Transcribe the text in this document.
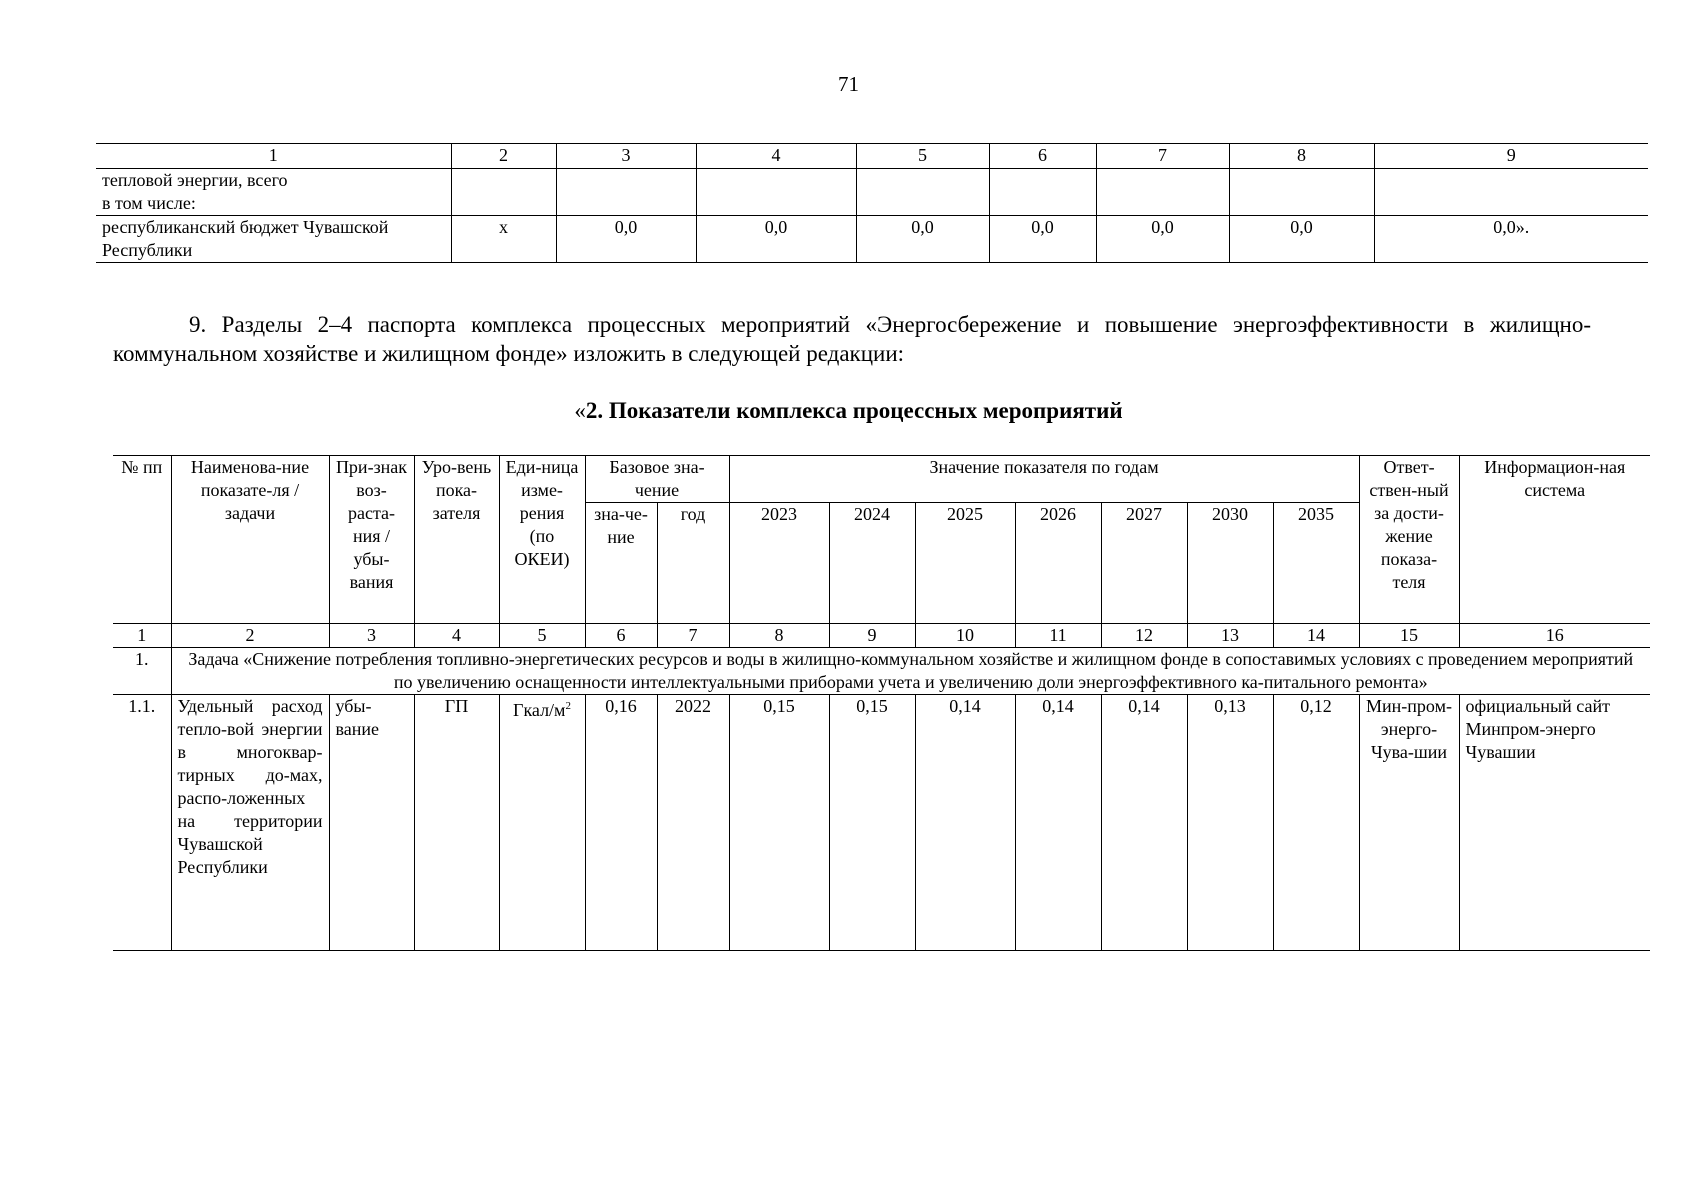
71
1	2	3	4	5	6	7	8	9
тепловой энергии, всего
в том числе:								
республиканский бюджет Чувашской Республики	x	0,0	0,0	0,0	0,0	0,0	0,0	0,0».
9. Разделы 2–4 паспорта комплекса процессных мероприятий «Энергосбережение и повышение энергоэффективности в жилищно-коммунальном хозяйстве и жилищном фонде» изложить в следующей редакции:
«2. Показатели комплекса процессных мероприятий
№ пп	Наименова-ние показате-ля / задачи	При-знак воз-раста-ния / убы-вания	Уро-вень пока-зателя	Еди-ница изме-рения (по ОКЕИ)	Базовое зна-чение		Значение показателя по годам							Ответ-ствен-ный за дости-жение показа-теля	Информацион-ная система
					зна-че-ние	год	2023	2024	2025	2026	2027	2030	2035		
1	2	3	4	5	6	7	8	9	10	11	12	13	14	15	16
1.	Задача «Снижение потребления топливно-энергетических ресурсов и воды в жилищно-коммунальном хозяйстве и жилищном фонде в сопоставимых условиях с проведением мероприятий по увеличению оснащенности интеллектуальными приборами учета и увеличению доли энергоэффективного ка-питального ремонта»														
1.1.	Удельный расход тепло-вой энергии в многоквар-тирных до-мах, распо-ложенных на территории Чувашской Республики	убы-вание	ГП	Гкал/$м^2$	0,16	2022	0,15	0,15	0,14	0,14	0,14	0,13	0,12	Мин-пром-энерго-Чува-шии	официальный сайт Минпром-энерго Чувашии
